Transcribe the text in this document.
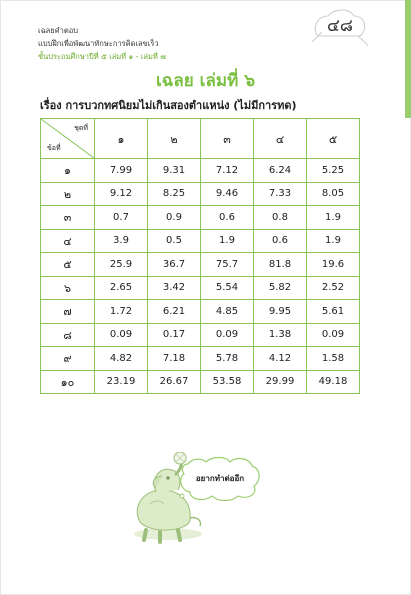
เฉลยคำตอบ
แบบฝึกเพื่อพัฒนาทักษะการคิดเลขเร็ว
ชั้นประถมศึกษาปีที่ ๕ เล่มที่ ๑ - เล่มที่ ๗
๔๘
เฉลย เล่มที่ ๖
เรื่อง การบวกทศนิยมไม่เกินสองตำแหน่ง (ไม่มีการทด)
ชุดที่
ข้อที่	๑	๒	๓	๔	๕
๑	7.99	9.31	7.12	6.24	5.25
๒	9.12	8.25	9.46	7.33	8.05
๓	0.7	0.9	0.6	0.8	1.9
๔	3.9	0.5	1.9	0.6	1.9
๕	25.9	36.7	75.7	81.8	19.6
๖	2.65	3.42	5.54	5.82	2.52
๗	1.72	6.21	4.85	9.95	5.61
๘	0.09	0.17	0.09	1.38	0.09
๙	4.82	7.18	5.78	4.12	1.58
๑๐	23.19	26.67	53.58	29.99	49.18
อยากทำต่ออีก
